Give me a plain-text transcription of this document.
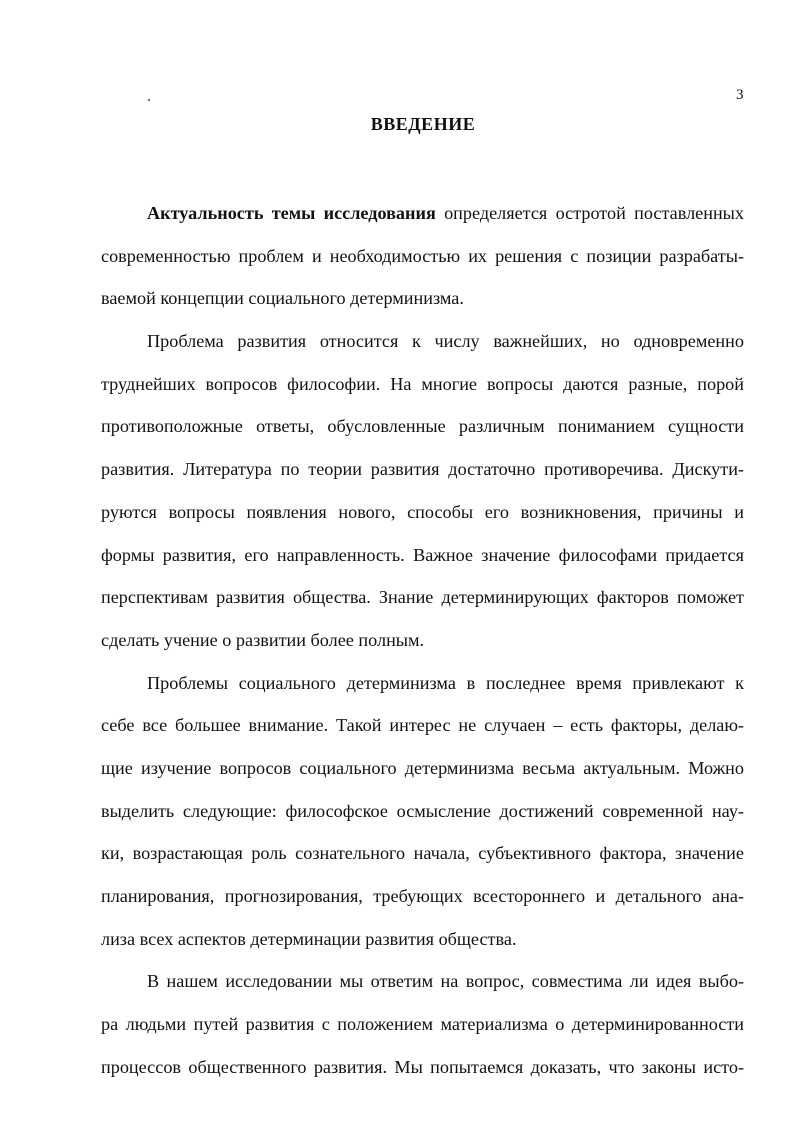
3
ВВЕДЕНИЕ
Актуальность темы исследования определяется остротой поставленных
современностью проблем и необходимостью их решения с позиции разрабаты-
ваемой концепции социального детерминизма.
Проблема развития относится к числу важнейших, но одновременно
труднейших вопросов философии. На многие вопросы даются разные, порой
противоположные ответы, обусловленные различным пониманием сущности
развития. Литература по теории развития достаточно противоречива. Дискути-
руются вопросы появления нового, способы его возникновения, причины и
формы развития, его направленность. Важное значение философами придается
перспективам развития общества. Знание детерминирующих факторов поможет
сделать учение о развитии более полным.
Проблемы социального детерминизма в последнее время привлекают к
себе все большее внимание. Такой интерес не случаен – есть факторы, делаю-
щие изучение вопросов социального детерминизма весьма актуальным. Можно
выделить следующие: философское осмысление достижений современной нау-
ки, возрастающая роль сознательного начала, субъективного фактора, значение
планирования, прогнозирования, требующих всестороннего и детального ана-
лиза всех аспектов детерминации развития общества.
В нашем исследовании мы ответим на вопрос, совместима ли идея выбо-
ра людьми путей развития с положением материализма о детерминированности
процессов общественного развития. Мы попытаемся доказать, что законы исто-
